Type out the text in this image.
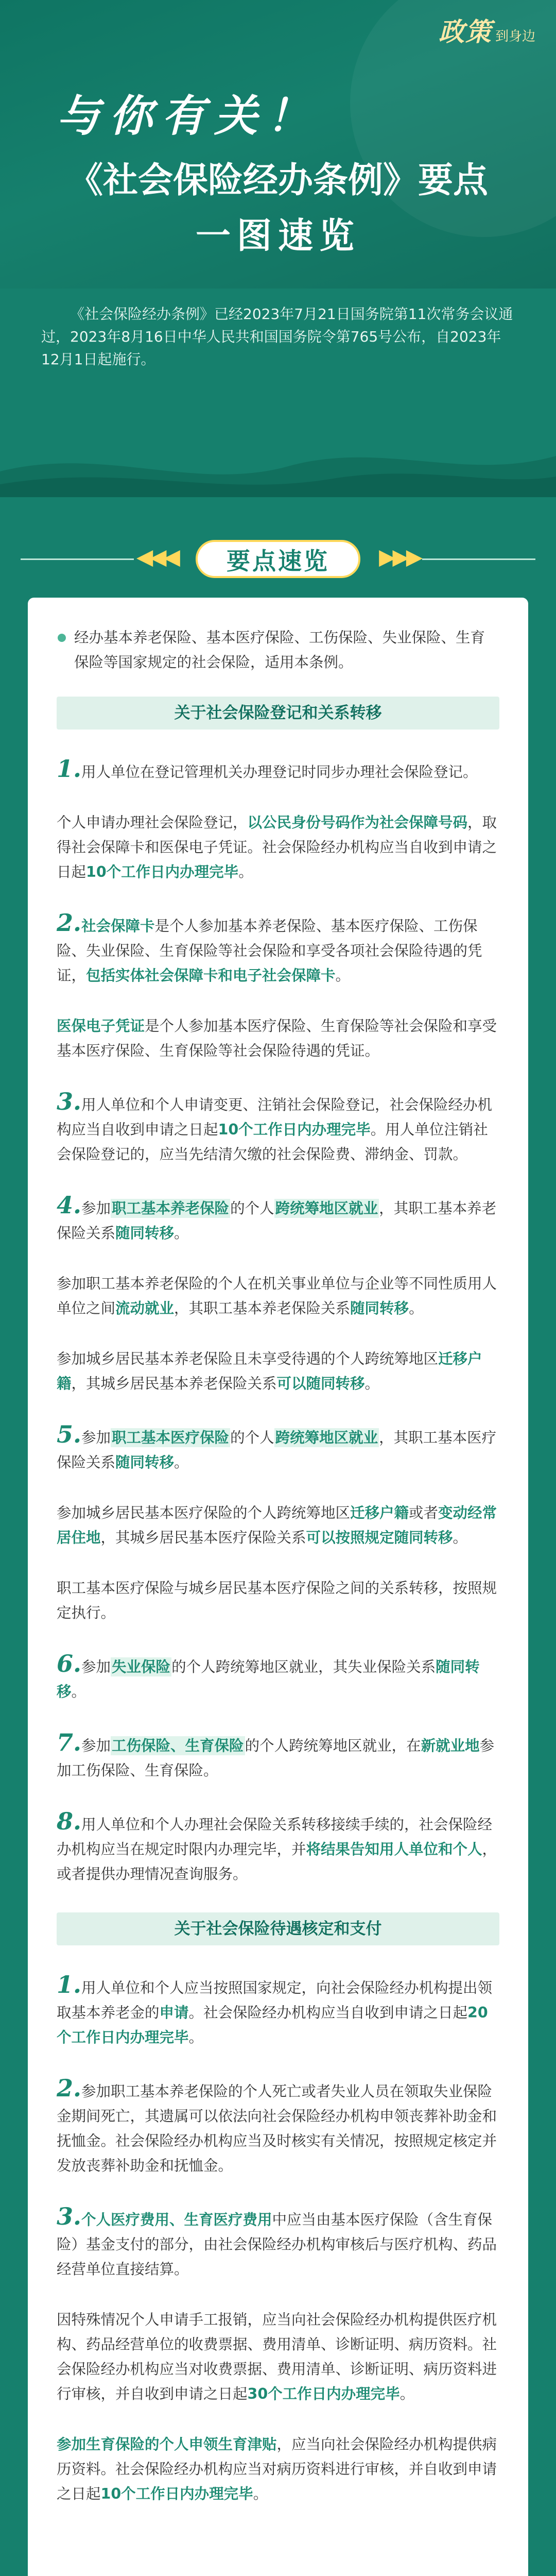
政策 到身边
与你有关！
《社会保险经办条例》要点
一图速览

《社会保险经办条例》已经2023年7月21日国务院第11次常务会议通过，2023年8月16日中华人民共和国国务院令第765号公布，自2023年12月1日起施行。

◀◀◀	要点速览	▶▶▶

经办基本养老保险、基本医疗保险、工伤保险、失业保险、生育保险等国家规定的社会保险，适用本条例。

关于社会保险登记和关系转移

1.用人单位在登记管理机关办理登记时同步办理社会保险登记。

个人申请办理社会保险登记，以公民身份号码作为社会保障号码，取得社会保障卡和医保电子凭证。社会保险经办机构应当自收到申请之日起10个工作日内办理完毕。

2.社会保障卡是个人参加基本养老保险、基本医疗保险、工伤保险、失业保险、生育保险等社会保险和享受各项社会保险待遇的凭证，包括实体社会保障卡和电子社会保障卡。

医保电子凭证是个人参加基本医疗保险、生育保险等社会保险和享受基本医疗保险、生育保险等社会保险待遇的凭证。

3.用人单位和个人申请变更、注销社会保险登记，社会保险经办机构应当自收到申请之日起10个工作日内办理完毕。用人单位注销社会保险登记的，应当先结清欠缴的社会保险费、滞纳金、罚款。

4.参加职工基本养老保险的个人跨统筹地区就业，其职工基本养老保险关系随同转移。

参加职工基本养老保险的个人在机关事业单位与企业等不同性质用人单位之间流动就业，其职工基本养老保险关系随同转移。

参加城乡居民基本养老保险且未享受待遇的个人跨统筹地区迁移户籍，其城乡居民基本养老保险关系可以随同转移。

5.参加职工基本医疗保险的个人跨统筹地区就业，其职工基本医疗保险关系随同转移。

参加城乡居民基本医疗保险的个人跨统筹地区迁移户籍或者变动经常居住地，其城乡居民基本医疗保险关系可以按照规定随同转移。

职工基本医疗保险与城乡居民基本医疗保险之间的关系转移，按照规定执行。

6.参加失业保险的个人跨统筹地区就业，其失业保险关系随同转移。

7.参加工伤保险、生育保险的个人跨统筹地区就业，在新就业地参加工伤保险、生育保险。

8.用人单位和个人办理社会保险关系转移接续手续的，社会保险经办机构应当在规定时限内办理完毕，并将结果告知用人单位和个人，或者提供办理情况查询服务。

关于社会保险待遇核定和支付

1.用人单位和个人应当按照国家规定，向社会保险经办机构提出领取基本养老金的申请。社会保险经办机构应当自收到申请之日起20个工作日内办理完毕。

2.参加职工基本养老保险的个人死亡或者失业人员在领取失业保险金期间死亡，其遗属可以依法向社会保险经办机构申领丧葬补助金和抚恤金。社会保险经办机构应当及时核实有关情况，按照规定核定并发放丧葬补助金和抚恤金。

3.个人医疗费用、生育医疗费用中应当由基本医疗保险（含生育保险）基金支付的部分，由社会保险经办机构审核后与医疗机构、药品经营单位直接结算。

因特殊情况个人申请手工报销，应当向社会保险经办机构提供医疗机构、药品经营单位的收费票据、费用清单、诊断证明、病历资料。社会保险经办机构应当对收费票据、费用清单、诊断证明、病历资料进行审核，并自收到申请之日起30个工作日内办理完毕。

参加生育保险的个人申领生育津贴，应当向社会保险经办机构提供病历资料。社会保险经办机构应当对病历资料进行审核，并自收到申请之日起10个工作日内办理完毕。
